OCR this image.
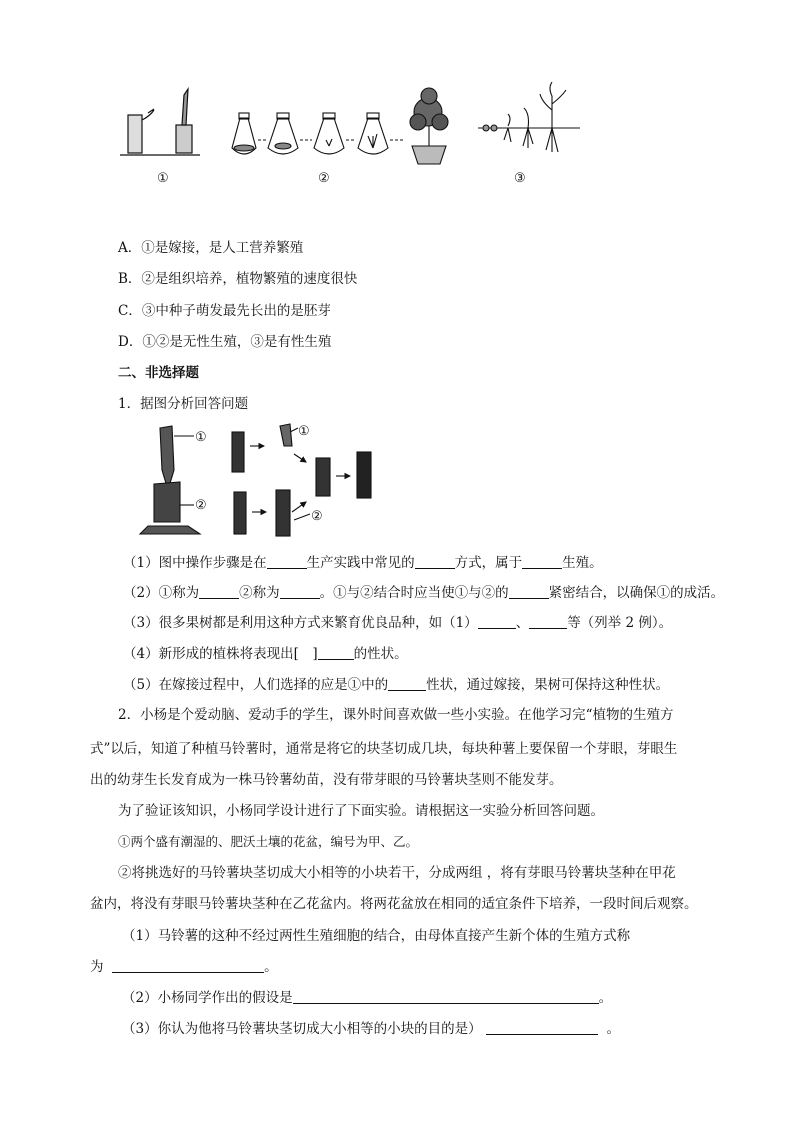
①	②	③
A．①是嫁接，是人工营养繁殖
B．②是组织培养，植物繁殖的速度很快
C．③中种子萌发最先长出的是胚芽
D．①②是无性生殖，③是有性生殖
二、非选择题
1．据图分析回答问题
①
②
①
②
（1）图中操作步骤是在	生产实践中常见的	方式，属于	生殖。
（2）①称为	②称为	。①与②结合时应当使①与②的	紧密结合，以确保①的成活。
（3）很多果树都是利用这种方式来繁育优良品种，如（1）	、	等（列举 2 例）。
（4）新形成的植株将表现出[　]	的性状。
（5）在嫁接过程中，人们选择的应是①中的	性状，通过嫁接，果树可保持这种性状。
2．小杨是个爱动脑、爱动手的学生，课外时间喜欢做一些小实验。在他学习完“植物的生殖方
式”以后，知道了种植马铃薯时，通常是将它的块茎切成几块，每块种薯上要保留一个芽眼，芽眼生
出的幼芽生长发育成为一株马铃薯幼苗，没有带芽眼的马铃薯块茎则不能发芽。
为了验证该知识，小杨同学设计进行了下面实验。请根据这一实验分析回答问题。
①两个盛有潮湿的、肥沃土壤的花盆，编号为甲、乙。
②将挑选好的马铃薯块茎切成大小相等的小块若干，分成两组 ，将有芽眼马铃薯块茎种在甲花
盆内，将没有芽眼马铃薯块茎种在乙花盆内。将两花盆放在相同的适宜条件下培养，一段时间后观察。
（1）马铃薯的这种不经过两性生殖细胞的结合，由母体直接产生新个体的生殖方式称
为	。
（2）小杨同学作出的假设是	。
（3）你认为他将马铃薯块茎切成大小相等的小块的目的是）	。
